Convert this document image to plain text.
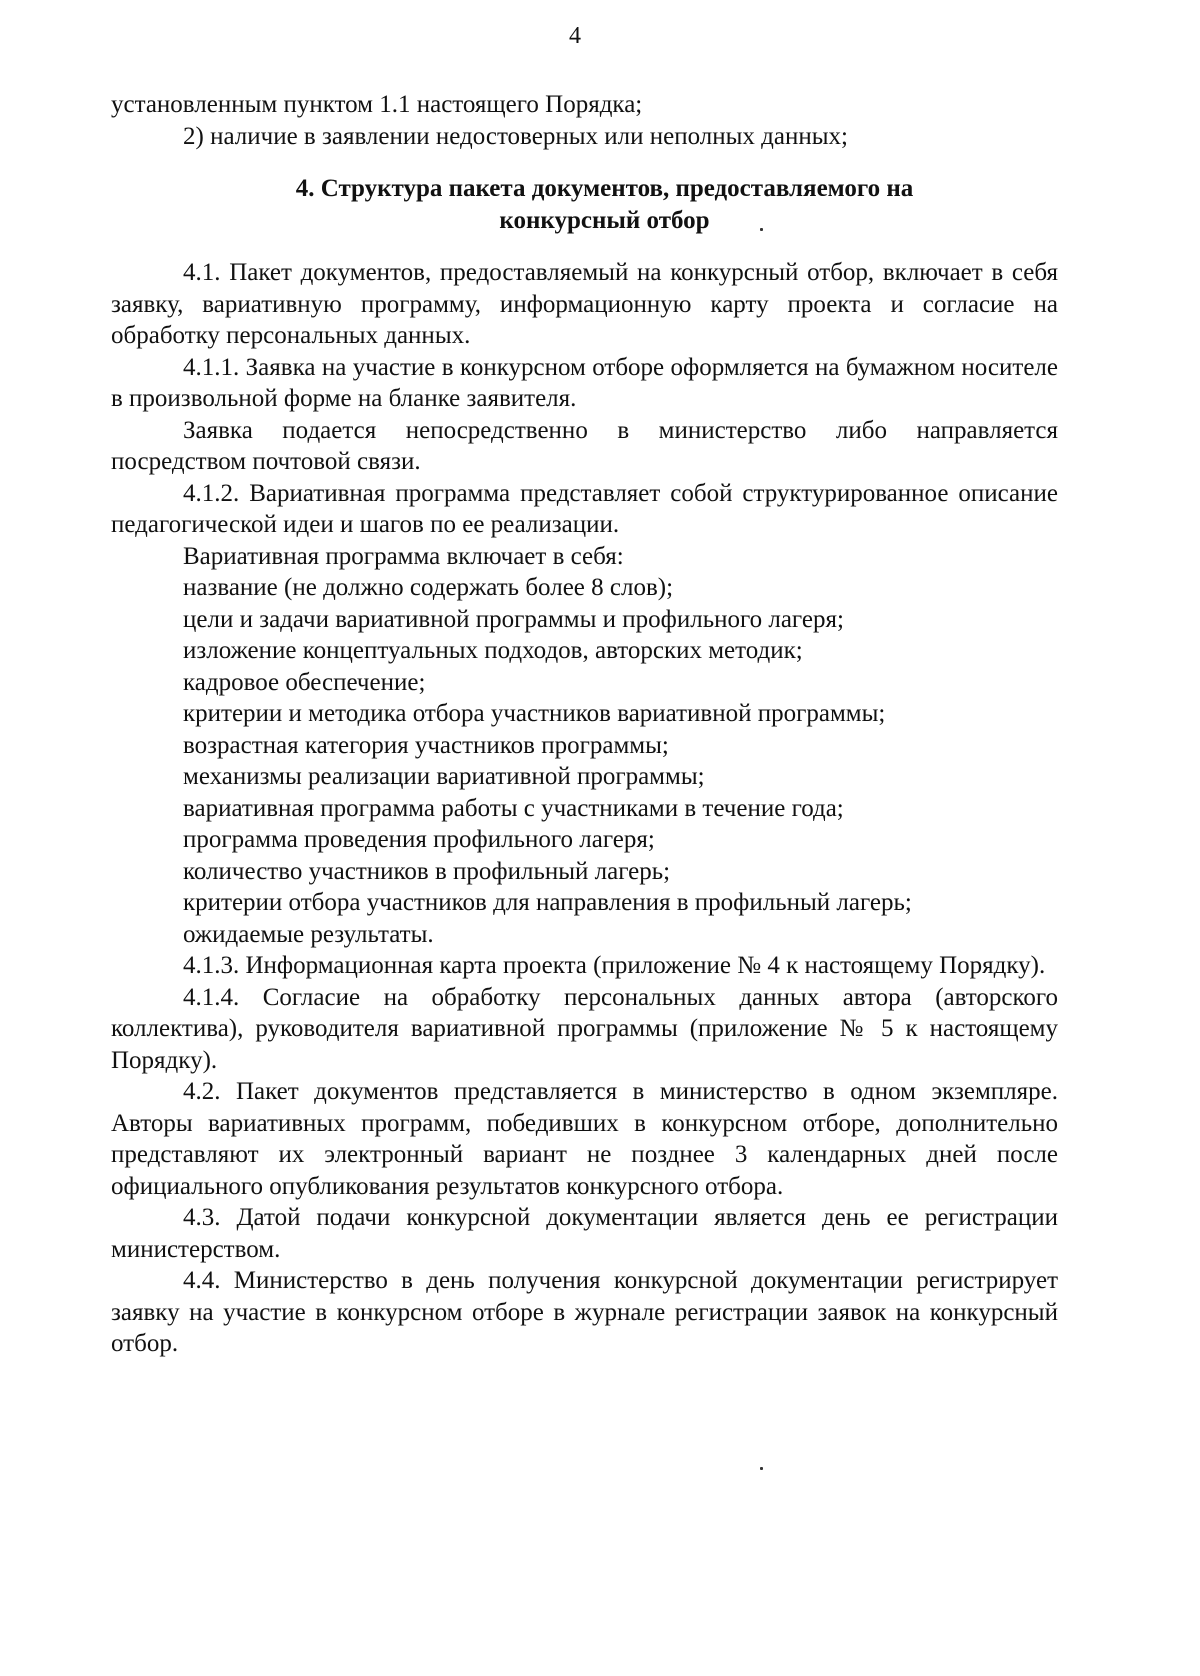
4

установленным пунктом 1.1 настоящего Порядка;

2) наличие в заявлении недостоверных или неполных данных;

4. Структура пакета документов, предоставляемого на
конкурсный отбор

4.1. Пакет документов, предоставляемый на конкурсный отбор, включает в себя заявку, вариативную программу, информационную карту проекта и согласие на обработку персональных данных.

4.1.1. Заявка на участие в конкурсном отборе оформляется на бумажном носителе в произвольной форме на бланке заявителя.

Заявка подается непосредственно в министерство либо направляется посредством почтовой связи.

4.1.2. Вариативная программа представляет собой структурированное описание педагогической идеи и шагов по ее реализации.

Вариативная программа включает в себя:

название (не должно содержать более 8 слов);

цели и задачи вариативной программы и профильного лагеря;

изложение концептуальных подходов, авторских методик;

кадровое обеспечение;

критерии и методика отбора участников вариативной программы;

возрастная категория участников программы;

механизмы реализации вариативной программы;

вариативная программа работы с участниками в течение года;

программа проведения профильного лагеря;

количество участников в профильный лагерь;

критерии отбора участников для направления в профильный лагерь;

ожидаемые результаты.

4.1.3. Информационная карта проекта (приложение № 4 к настоящему Порядку).

4.1.4. Согласие на обработку персональных данных автора (авторского коллектива), руководителя вариативной программы (приложение № 5 к настоящему Порядку).

4.2. Пакет документов представляется в министерство в одном экземпляре. Авторы вариативных программ, победивших в конкурсном отборе, дополнительно представляют их электронный вариант не позднее 3 календарных дней после официального опубликования результатов конкурсного отбора.

4.3. Датой подачи конкурсной документации является день ее регистрации министерством.

4.4. Министерство в день получения конкурсной документации регистрирует заявку на участие в конкурсном отборе в журнале регистрации заявок на конкурсный отбор.
